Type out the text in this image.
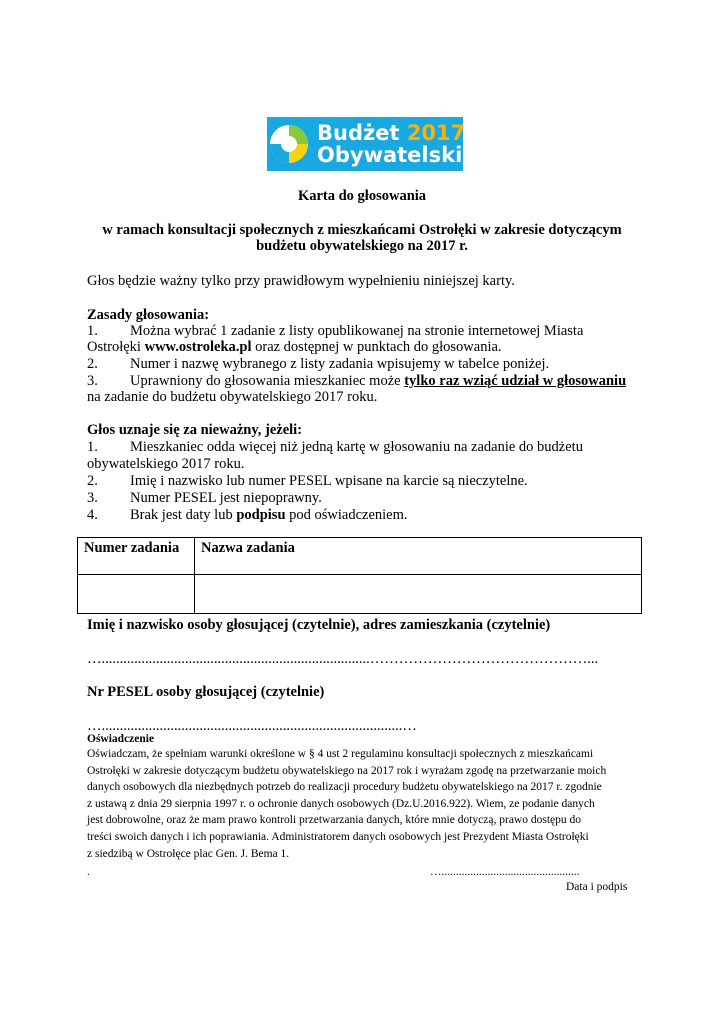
Budżet 2017
Obywatelski
Karta do głosowania
w ramach konsultacji społecznych z mieszkańcami Ostrołęki w zakresie dotyczącym
budżetu obywatelskiego na 2017 r.
Głos będzie ważny tylko przy prawidłowym wypełnieniu niniejszej karty.
Zasady głosowania:
1. Można wybrać 1 zadanie z listy opublikowanej na stronie internetowej Miasta
Ostrołęki www.ostroleka.pl oraz dostępnej w punktach do głosowania.
2. Numer i nazwę wybranego z listy zadania wpisujemy w tabelce poniżej.
3. Uprawniony do głosowania mieszkaniec może tylko raz wziąć udział w głosowaniu
na zadanie do budżetu obywatelskiego 2017 roku.
Głos uznaje się za nieważny, jeżeli:
1. Mieszkaniec odda więcej niż jedną kartę w głosowaniu na zadanie do budżetu
obywatelskiego 2017 roku.
2. Imię i nazwisko lub numer PESEL wpisane na karcie są nieczytelne.
3. Numer PESEL jest niepoprawny.
4. Brak jest daty lub podpisu pod oświadczeniem.
Numer zadania	Nazwa zadania

Imię i nazwisko osoby głosującej (czytelnie), adres zamieszkania (czytelnie)
…..........................................................................………………………………………...
Nr PESEL osoby głosującej (czytelnie)
…...................................................................................…
Oświadczenie
Oświadczam, że spełniam warunki określone w § 4 ust 2 regulaminu konsultacji społecznych z mieszkańcami
Ostrołęki w zakresie dotyczącym budżetu obywatelskiego na 2017 rok i wyrażam zgodę na przetwarzanie moich
danych osobowych dla niezbędnych potrzeb do realizacji procedury budżetu obywatelskiego na 2017 r. zgodnie
z ustawą z dnia 29 sierpnia 1997 r. o ochronie danych osobowych (Dz.U.2016.922). Wiem, ze podanie danych
jest dobrowolne, oraz że mam prawo kontroli przetwarzania danych, które mnie dotyczą, prawo dostępu do
treści swoich danych i ich poprawiania. Administratorem danych osobowych jest Prezydent Miasta Ostrołęki
z siedzibą w Ostrołęce plac Gen. J. Bema 1.
.	…................................................
Data i podpis
